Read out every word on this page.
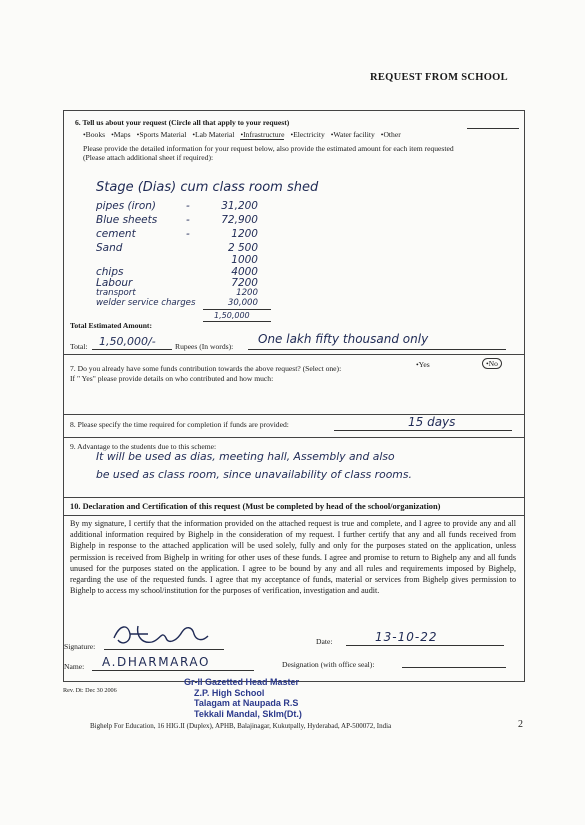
REQUEST FROM SCHOOL
6. Tell us about your request (Circle all that apply to your request)
• Books	• Maps	• Sports Material	• Lab Material	• Infrastructure	• Electricity	• Water facility	• Other
Please provide the detailed information for your request below, also provide the estimated amount for each item requested
(Please attach additional sheet if required):
Stage (Dias) cum class room shed
pipes (iron)	-	31,200
Blue sheets	-	72,900
cement	-	1200
Sand	2 500
1000
chips	4000
Labour	7200
transport	1200
welder service charges	30,000
1,50,000
Total Estimated Amount:
Total: 1,50,000/-	Rupees (In words):
One lakh fifty thousand only
7. Do you already have some funds contribution towards the above request? (Select one):	•Yes	•No
If " Yes" please provide details on who contributed and how much:
8. Please specify the time required for completion if funds are provided:	15 days
9. Advantage to the students due to this scheme:
It will be used as dias, meeting hall, Assembly and also
be used as class room, since unavailability of class rooms.
10. Declaration and Certification of this request (Must be completed by head of the school/organization)
By my signature, I certify that the information provided on the attached request is true and complete, and I agree to provide any and all additional information required by Bighelp in the consideration of my request. I further certify that any and all funds received from Bighelp in response to the attached application will be used solely, fully and only for the purposes stated on the application, unless permission is received from Bighelp in writing for other uses of these funds. I agree and promise to return to Bighelp any and all funds unused for the purposes stated on the application. I agree to be bound by any and all rules and requirements imposed by Bighelp, regarding the use of the requested funds. I agree that my acceptance of funds, material or services from Bighelp gives permission to Bighelp to access my school/institution for the purposes of verification, investigation and audit.
Signature:
Date:	13-10-22
Name: A.DHARMARAO	Designation (with office seal):
Gr-II Gazetted Head Master
Z.P. High School
Talagam at Naupada R.S
Tekkali Mandal, Sklm(Dt.)
Rev. Dt: Dec 30 2006
Bighelp For Education, 16 HIG.II (Duplex), APHB, Balajinagar, Kukutpally, Hyderabad, AP-500072, India	2
